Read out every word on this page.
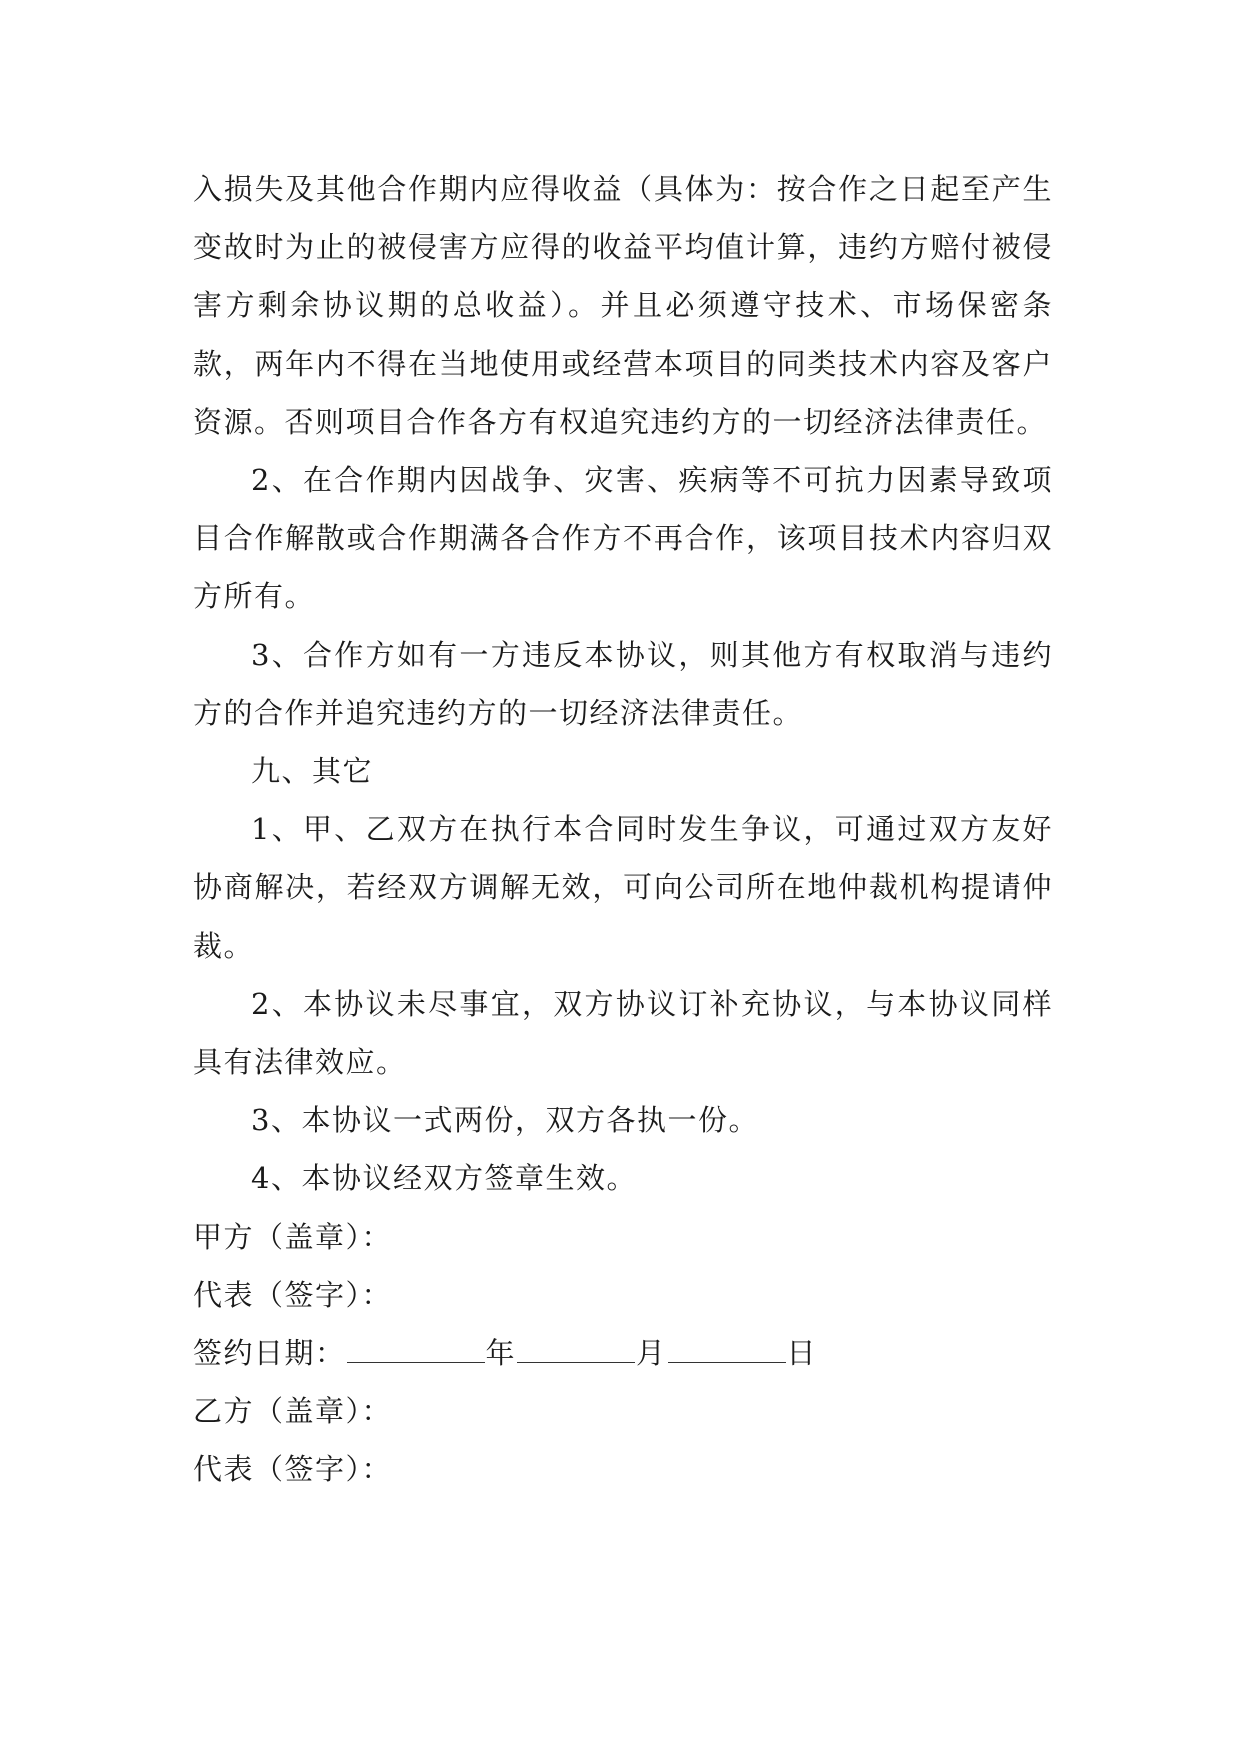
入损失及其他合作期内应得收益（具体为：按合作之日起至产生变故时为止的被侵害方应得的收益平均值计算，违约方赔付被侵害方剩余协议期的总收益）。并且必须遵守技术、市场保密条款，两年内不得在当地使用或经营本项目的同类技术内容及客户资源。否则项目合作各方有权追究违约方的一切经济法律责任。

2、在合作期内因战争、灾害、疾病等不可抗力因素导致项目合作解散或合作期满各合作方不再合作，该项目技术内容归双方所有。

3、合作方如有一方违反本协议，则其他方有权取消与违约方的合作并追究违约方的一切经济法律责任。

九、其它

1、甲、乙双方在执行本合同时发生争议，可通过双方友好协商解决，若经双方调解无效，可向公司所在地仲裁机构提请仲裁。

2、本协议未尽事宜，双方协议订补充协议，与本协议同样具有法律效应。

3、本协议一式两份，双方各执一份。

4、本协议经双方签章生效。

甲方（盖章）：

代表（签字）：

签约日期：	年	月	日

乙方（盖章）：

代表（签字）：
